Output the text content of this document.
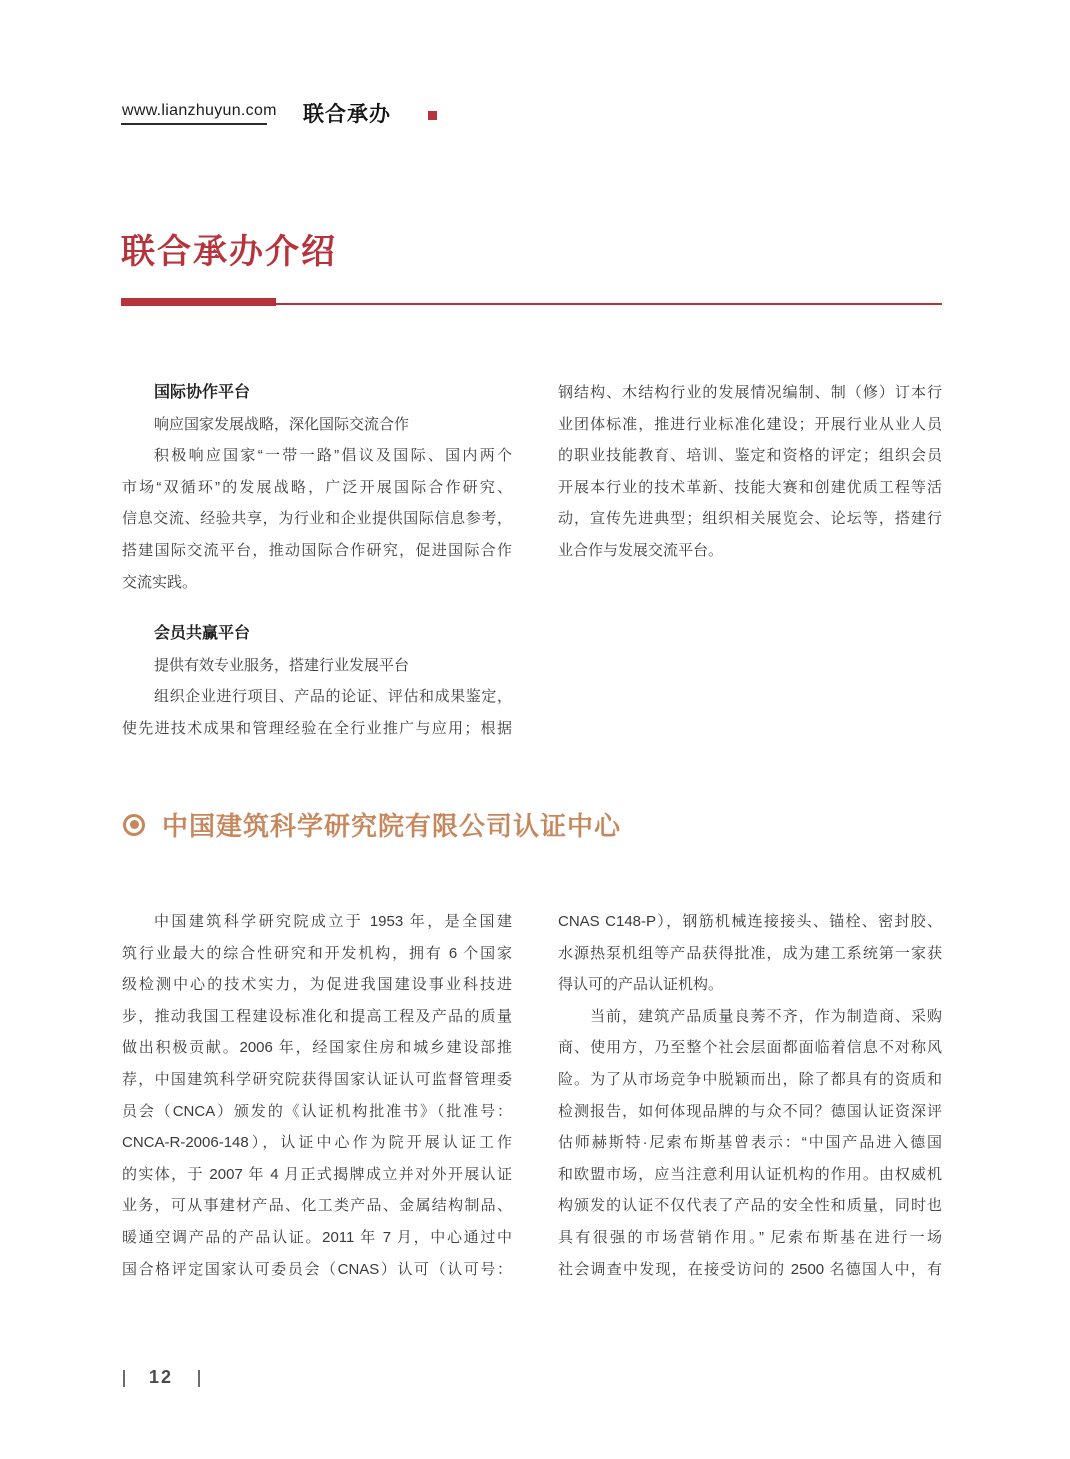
www.lianzhuyun.com 联合承办
联合承办介绍
国际协作平台
响应国家发展战略，深化国际交流合作
积极响应国家“一带一路”倡议及国际、国内两个
市场“双循环”的发展战略，广泛开展国际合作研究、
信息交流、经验共享，为行业和企业提供国际信息参考，
搭建国际交流平台，推动国际合作研究，促进国际合作
交流实践。
钢结构、木结构行业的发展情况编制、制（修）订本行
业团体标准，推进行业标准化建设；开展行业从业人员
的职业技能教育、培训、鉴定和资格的评定；组织会员
开展本行业的技术革新、技能大赛和创建优质工程等活
动，宣传先进典型；组织相关展览会、论坛等，搭建行
业合作与发展交流平台。
会员共赢平台
提供有效专业服务，搭建行业发展平台
组织企业进行项目、产品的论证、评估和成果鉴定，
使先进技术成果和管理经验在全行业推广与应用；根据
中国建筑科学研究院有限公司认证中心
中国建筑科学研究院成立于 1953 年，是全国建
筑行业最大的综合性研究和开发机构，拥有 6 个国家
级检测中心的技术实力，为促进我国建设事业科技进
步，推动我国工程建设标准化和提高工程及产品的质量
做出积极贡献。2006 年，经国家住房和城乡建设部推
荐，中国建筑科学研究院获得国家认证认可监督管理委
员会（CNCA）颁发的《认证机构批准书》（批准号：
CNCA-R-2006-148），认证中心作为院开展认证工作
的实体，于 2007 年 4 月正式揭牌成立并对外开展认证
业务，可从事建材产品、化工类产品、金属结构制品、
暖通空调产品的产品认证。2011 年 7 月，中心通过中
国合格评定国家认可委员会（CNAS）认可（认可号：
CNAS C148-P），钢筋机械连接接头、锚栓、密封胶、
水源热泵机组等产品获得批准，成为建工系统第一家获
得认可的产品认证机构。
当前，建筑产品质量良莠不齐，作为制造商、采购
商、使用方，乃至整个社会层面都面临着信息不对称风
险。为了从市场竞争中脱颖而出，除了都具有的资质和
检测报告，如何体现品牌的与众不同？德国认证资深评
估师赫斯特·尼索布斯基曾表示：“中国产品进入德国
和欧盟市场，应当注意利用认证机构的作用。由权威机
构颁发的认证不仅代表了产品的安全性和质量，同时也
具有很强的市场营销作用。” 尼索布斯基在进行一场
社会调查中发现，在接受访问的 2500 名德国人中，有
12
